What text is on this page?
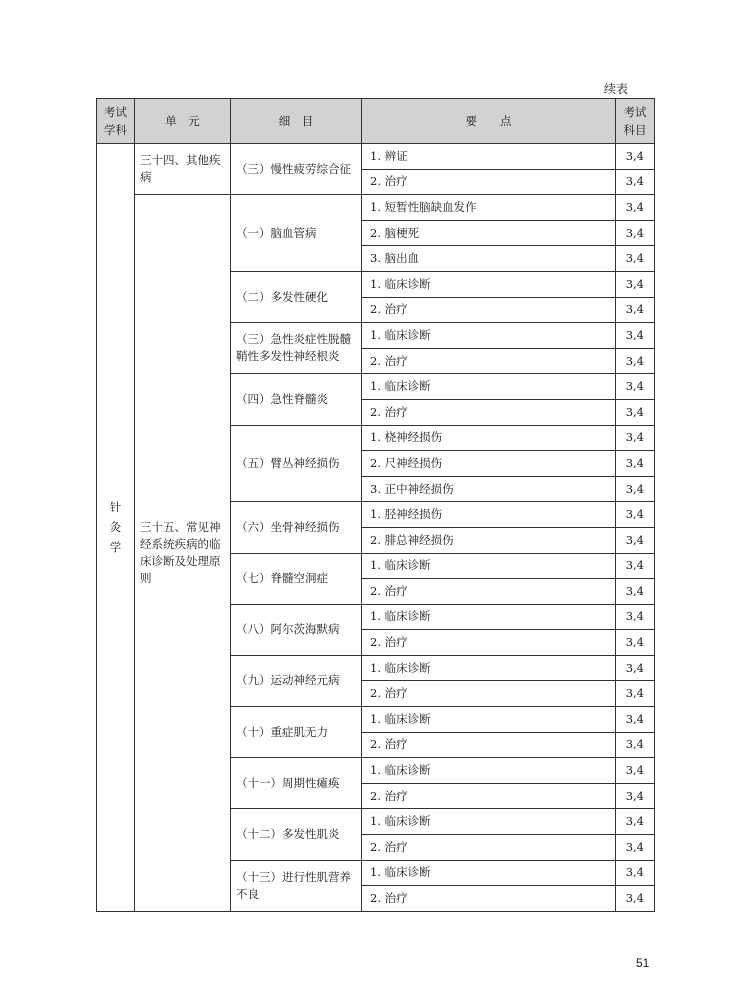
续表
考试学科	单　元	细　目	要　　点	考试科目
针灸学	三十四、其他疾病	（三）慢性疲劳综合征	1. 辨证	3,4
			2. 治疗	3,4
	三十五、常见神经系统疾病的临床诊断及处理原则	（一）脑血管病	1. 短暂性脑缺血发作	3,4
			2. 脑梗死	3,4
			3. 脑出血	3,4
		（二）多发性硬化	1. 临床诊断	3,4
			2. 治疗	3,4
		（三）急性炎症性脱髓鞘性多发性神经根炎	1. 临床诊断	3,4
			2. 治疗	3,4
		（四）急性脊髓炎	1. 临床诊断	3,4
			2. 治疗	3,4
		（五）臂丛神经损伤	1. 桡神经损伤	3,4
			2. 尺神经损伤	3,4
			3. 正中神经损伤	3,4
		（六）坐骨神经损伤	1. 胫神经损伤	3,4
			2. 腓总神经损伤	3,4
		（七）脊髓空洞症	1. 临床诊断	3,4
			2. 治疗	3,4
		（八）阿尔茨海默病	1. 临床诊断	3,4
			2. 治疗	3,4
		（九）运动神经元病	1. 临床诊断	3,4
			2. 治疗	3,4
		（十）重症肌无力	1. 临床诊断	3,4
			2. 治疗	3,4
		（十一）周期性瘫痪	1. 临床诊断	3,4
			2. 治疗	3,4
		（十二）多发性肌炎	1. 临床诊断	3,4
			2. 治疗	3,4
		（十三）进行性肌营养不良	1. 临床诊断	3,4
			2. 治疗	3,4
51
